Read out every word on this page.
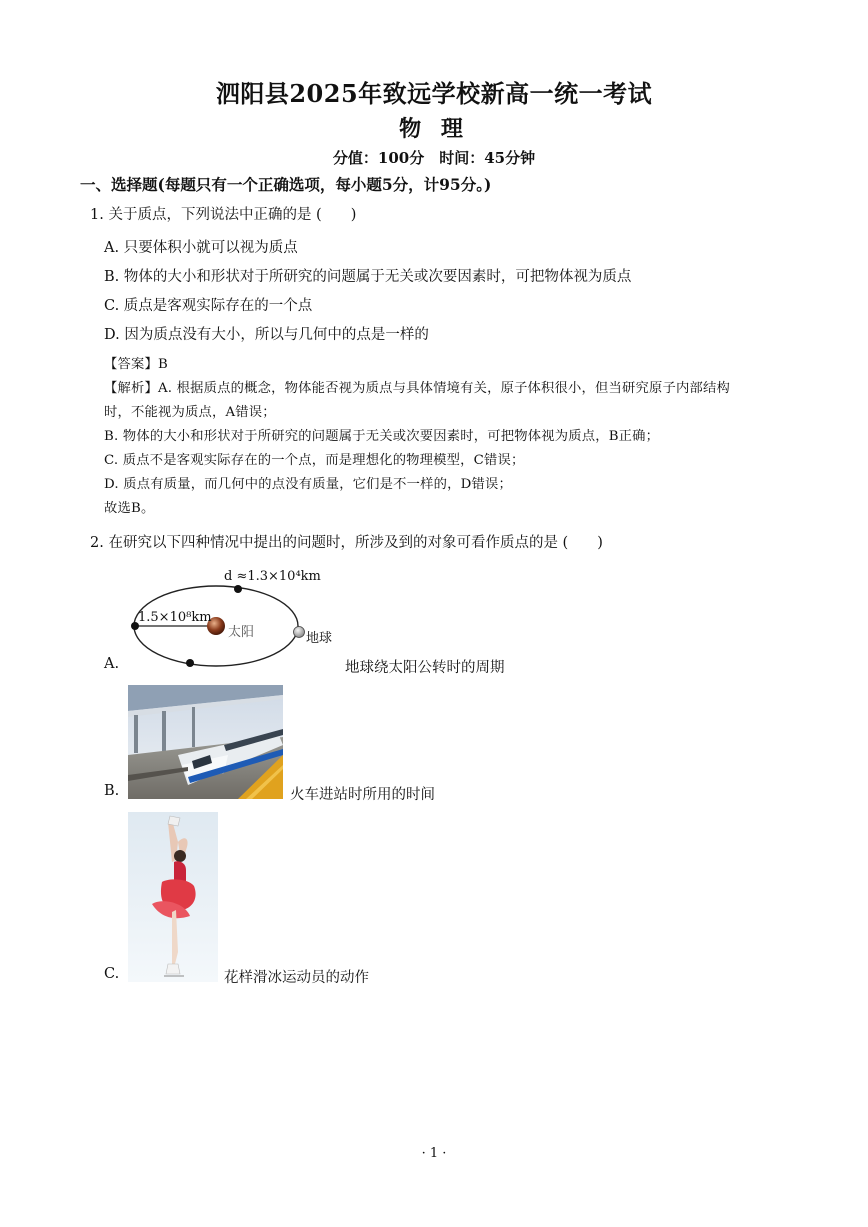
泗阳县2025年致远学校新高一统一考试
物 理
分值：100分　时间：45分钟
一、选择题(每题只有一个正确选项，每小题5分，计95分。)
1. 关于质点，下列说法中正确的是 (　　)
A. 只要体积小就可以视为质点
B. 物体的大小和形状对于所研究的问题属于无关或次要因素时，可把物体视为质点
C. 质点是客观实际存在的一个点
D. 因为质点没有大小，所以与几何中的点是一样的
【答案】B
【解析】A. 根据质点的概念，物体能否视为质点与具体情境有关，原子体积很小，但当研究原子内部结构
时，不能视为质点，A错误；
B. 物体的大小和形状对于所研究的问题属于无关或次要因素时，可把物体视为质点，B正确；
C. 质点不是客观实际存在的一个点，而是理想化的物理模型，C错误；
D. 质点有质量，而几何中的点没有质量，它们是不一样的，D错误；
故选B。
2. 在研究以下四种情况中提出的问题时，所涉及到的对象可看作质点的是 (　　)
d ≈1.3×10⁴km
1.5×10⁸km
太阳	地球
A.	地球绕太阳公转时的周期
B.	火车进站时所用的时间
C.	花样滑冰运动员的动作
· 1 ·
